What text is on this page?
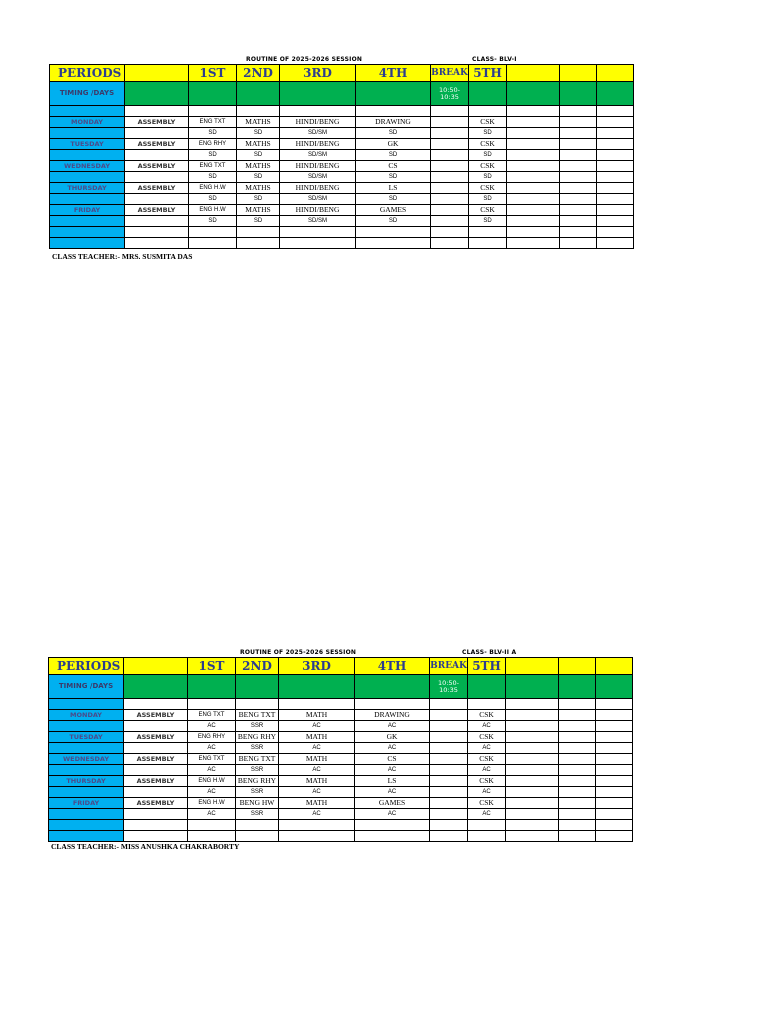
ROUTINE OF 2025-2026 SESSION	CLASS- BLV-I
PERIODS		1ST	2ND	3RD	4TH	BREAK	5TH			
TIMING /DAYS						10:50-
10:35				

MONDAY	ASSEMBLY	ENG TXT	MATHS	HINDI/BENG	DRAWING		CSK			
		SD	SD	SD/SM	SD		SD			
TUESDAY	ASSEMBLY	ENG RHY	MATHS	HINDI/BENG	GK		CSK			
		SD	SD	SD/SM	SD		SD			
WEDNESDAY	ASSEMBLY	ENG TXT	MATHS	HINDI/BENG	CS		CSK			
		SD	SD	SD/SM	SD		SD			
THURSDAY	ASSEMBLY	ENG H.W	MATHS	HINDI/BENG	LS		CSK			
		SD	SD	SD/SM	SD		SD			
FRIDAY	ASSEMBLY	ENG H.W	MATHS	HINDI/BENG	GAMES		CSK			
		SD	SD	SD/SM	SD		SD			

CLASS TEACHER:- MRS. SUSMITA DAS
ROUTINE OF 2025-2026 SESSION	CLASS- BLV-II A
PERIODS		1ST	2ND	3RD	4TH	BREAK	5TH			
TIMING /DAYS						10:50-
10:35				

MONDAY	ASSEMBLY	ENG TXT	BENG TXT	MATH	DRAWING		CSK			
		AC	SSR	AC	AC		AC			
TUESDAY	ASSEMBLY	ENG RHY	BENG RHY	MATH	GK		CSK			
		AC	SSR	AC	AC		AC			
WEDNESDAY	ASSEMBLY	ENG TXT	BENG TXT	MATH	CS		CSK			
		AC	SSR	AC	AC		AC			
THURSDAY	ASSEMBLY	ENG H.W	BENG RHY	MATH	LS		CSK			
		AC	SSR	AC	AC		AC			
FRIDAY	ASSEMBLY	ENG H.W	BENG HW	MATH	GAMES		CSK			
		AC	SSR	AC	AC		AC			

CLASS TEACHER:- MISS ANUSHKA CHAKRABORTY
